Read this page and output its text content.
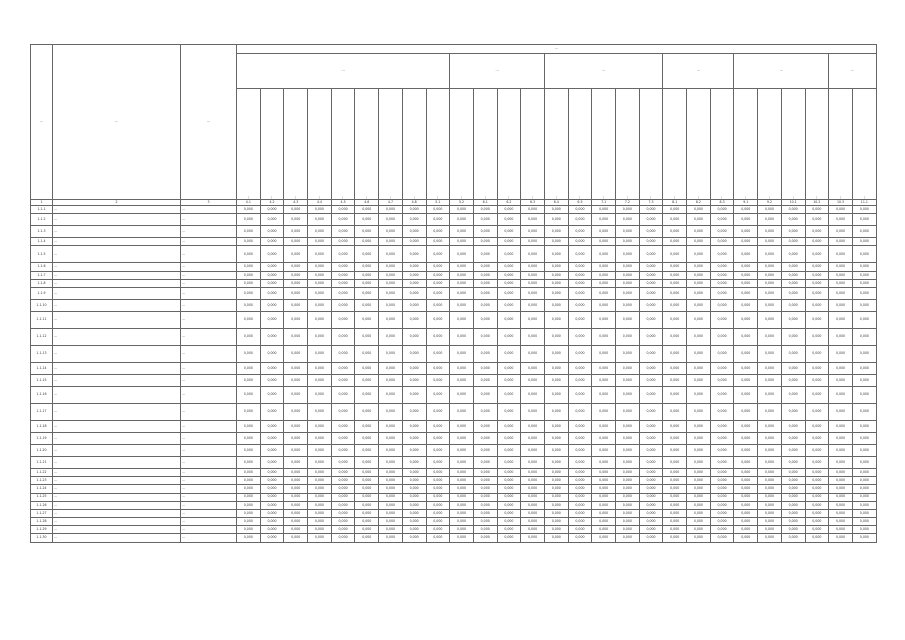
…	…	…	…																										
			…									…				…					…			…				…	

			…	…	…	…	…	…	…	…	…	…	…	…	…	…	…	…	…	…	…	…	…	…	…	…	…	…	…

1	2	3	4.1	4.2	4.3	4.4	4.5	4.6	4.7	4.8	5.1	5.2	6.1	6.2	6.3	6.4	6.5	7.1	7.2	7.3	8.1	8.2	8.3	9.1	9.2	10.1	10.2	10.3	11.1
1.1.1	…	…	0,000	0,000	0,000	0,000	0,000	0,000	0,000	0,000	0,000	0,000	0,000	0,000	0,000	0,000	0,000	0,000	0,000	0,000	0,000	0,000	0,000	0,000	0,000	0,000	0,000	0,000	0,000
1.1.2	…	…	0,000	0,000	0,000	0,000	0,000	0,000	0,000	0,000	0,000	0,000	0,000	0,000	0,000	0,000	0,000	0,000	0,000	0,000	0,000	0,000	0,000	0,000	0,000	0,000	0,000	0,000	0,000
1.1.3	…	…	0,000	0,000	0,000	0,000	0,000	0,000	0,000	0,000	0,000	0,000	0,000	0,000	0,000	0,000	0,000	0,000	0,000	0,000	0,000	0,000	0,000	0,000	0,000	0,000	0,000	0,000	0,000
1.1.4	…	…	0,000	0,000	0,000	0,000	0,000	0,000	0,000	0,000	0,000	0,000	0,000	0,000	0,000	0,000	0,000	0,000	0,000	0,000	0,000	0,000	0,000	0,000	0,000	0,000	0,000	0,000	0,000
1.1.5	…	…	0,000	0,000	0,000	0,000	0,000	0,000	0,000	0,000	0,000	0,000	0,000	0,000	0,000	0,000	0,000	0,000	0,000	0,000	0,000	0,000	0,000	0,000	0,000	0,000	0,000	0,000	0,000
1.1.6	…	…	0,000	0,000	0,000	0,000	0,000	0,000	0,000	0,000	0,000	0,000	0,000	0,000	0,000	0,000	0,000	0,000	0,000	0,000	0,000	0,000	0,000	0,000	0,000	0,000	0,000	0,000	0,000
1.1.7	…	…	0,000	0,000	0,000	0,000	0,000	0,000	0,000	0,000	0,000	0,000	0,000	0,000	0,000	0,000	0,000	0,000	0,000	0,000	0,000	0,000	0,000	0,000	0,000	0,000	0,000	0,000	0,000
1.1.8	…	…	0,000	0,000	0,000	0,000	0,000	0,000	0,000	0,000	0,000	0,000	0,000	0,000	0,000	0,000	0,000	0,000	0,000	0,000	0,000	0,000	0,000	0,000	0,000	0,000	0,000	0,000	0,000
1.1.9	…	…	0,000	0,000	0,000	0,000	0,000	0,000	0,000	0,000	0,000	0,000	0,000	0,000	0,000	0,000	0,000	0,000	0,000	0,000	0,000	0,000	0,000	0,000	0,000	0,000	0,000	0,000	0,000
1.1.10	…	…	0,000	0,000	0,000	0,000	0,000	0,000	0,000	0,000	0,000	0,000	0,000	0,000	0,000	0,000	0,000	0,000	0,000	0,000	0,000	0,000	0,000	0,000	0,000	0,000	0,000	0,000	0,000
1.1.11	…	…	0,000	0,000	0,000	0,000	0,000	0,000	0,000	0,000	0,000	0,000	0,000	0,000	0,000	0,000	0,000	0,000	0,000	0,000	0,000	0,000	0,000	0,000	0,000	0,000	0,000	0,000	0,000
1.1.12	…	…	0,000	0,000	0,000	0,000	0,000	0,000	0,000	0,000	0,000	0,000	0,000	0,000	0,000	0,000	0,000	0,000	0,000	0,000	0,000	0,000	0,000	0,000	0,000	0,000	0,000	0,000	0,000
1.1.13	…	…	0,000	0,000	0,000	0,000	0,000	0,000	0,000	0,000	0,000	0,000	0,000	0,000	0,000	0,000	0,000	0,000	0,000	0,000	0,000	0,000	0,000	0,000	0,000	0,000	0,000	0,000	0,000
1.1.14	…	…	0,000	0,000	0,000	0,000	0,000	0,000	0,000	0,000	0,000	0,000	0,000	0,000	0,000	0,000	0,000	0,000	0,000	0,000	0,000	0,000	0,000	0,000	0,000	0,000	0,000	0,000	0,000
1.1.15	…	…	0,000	0,000	0,000	0,000	0,000	0,000	0,000	0,000	0,000	0,000	0,000	0,000	0,000	0,000	0,000	0,000	0,000	0,000	0,000	0,000	0,000	0,000	0,000	0,000	0,000	0,000	0,000
1.1.16	…	…	0,000	0,000	0,000	0,000	0,000	0,000	0,000	0,000	0,000	0,000	0,000	0,000	0,000	0,000	0,000	0,000	0,000	0,000	0,000	0,000	0,000	0,000	0,000	0,000	0,000	0,000	0,000
1.1.17	…	…	0,000	0,000	0,000	0,000	0,000	0,000	0,000	0,000	0,000	0,000	0,000	0,000	0,000	0,000	0,000	0,000	0,000	0,000	0,000	0,000	0,000	0,000	0,000	0,000	0,000	0,000	0,000
1.1.18	…	…	0,000	0,000	0,000	0,000	0,000	0,000	0,000	0,000	0,000	0,000	0,000	0,000	0,000	0,000	0,000	0,000	0,000	0,000	0,000	0,000	0,000	0,000	0,000	0,000	0,000	0,000	0,000
1.1.19	…	…	0,000	0,000	0,000	0,000	0,000	0,000	0,000	0,000	0,000	0,000	0,000	0,000	0,000	0,000	0,000	0,000	0,000	0,000	0,000	0,000	0,000	0,000	0,000	0,000	0,000	0,000	0,000
1.1.20	…	…	0,000	0,000	0,000	0,000	0,000	0,000	0,000	0,000	0,000	0,000	0,000	0,000	0,000	0,000	0,000	0,000	0,000	0,000	0,000	0,000	0,000	0,000	0,000	0,000	0,000	0,000	0,000
1.1.21	…	…	0,000	0,000	0,000	0,000	0,000	0,000	0,000	0,000	0,000	0,000	0,000	0,000	0,000	0,000	0,000	0,000	0,000	0,000	0,000	0,000	0,000	0,000	0,000	0,000	0,000	0,000	0,000
1.1.22	…	…	0,000	0,000	0,000	0,000	0,000	0,000	0,000	0,000	0,000	0,000	0,000	0,000	0,000	0,000	0,000	0,000	0,000	0,000	0,000	0,000	0,000	0,000	0,000	0,000	0,000	0,000	0,000
1.1.23	…	…	0,000	0,000	0,000	0,000	0,000	0,000	0,000	0,000	0,000	0,000	0,000	0,000	0,000	0,000	0,000	0,000	0,000	0,000	0,000	0,000	0,000	0,000	0,000	0,000	0,000	0,000	0,000
1.1.24	…	…	0,000	0,000	0,000	0,000	0,000	0,000	0,000	0,000	0,000	0,000	0,000	0,000	0,000	0,000	0,000	0,000	0,000	0,000	0,000	0,000	0,000	0,000	0,000	0,000	0,000	0,000	0,000
1.1.25	…	…	0,000	0,000	0,000	0,000	0,000	0,000	0,000	0,000	0,000	0,000	0,000	0,000	0,000	0,000	0,000	0,000	0,000	0,000	0,000	0,000	0,000	0,000	0,000	0,000	0,000	0,000	0,000
1.1.26	…	…	0,000	0,000	0,000	0,000	0,000	0,000	0,000	0,000	0,000	0,000	0,000	0,000	0,000	0,000	0,000	0,000	0,000	0,000	0,000	0,000	0,000	0,000	0,000	0,000	0,000	0,000	0,000
1.1.27	…	…	0,000	0,000	0,000	0,000	0,000	0,000	0,000	0,000	0,000	0,000	0,000	0,000	0,000	0,000	0,000	0,000	0,000	0,000	0,000	0,000	0,000	0,000	0,000	0,000	0,000	0,000	0,000
1.1.28	…	…	0,000	0,000	0,000	0,000	0,000	0,000	0,000	0,000	0,000	0,000	0,000	0,000	0,000	0,000	0,000	0,000	0,000	0,000	0,000	0,000	0,000	0,000	0,000	0,000	0,000	0,000	0,000
1.1.29	…	…	0,000	0,000	0,000	0,000	0,000	0,000	0,000	0,000	0,000	0,000	0,000	0,000	0,000	0,000	0,000	0,000	0,000	0,000	0,000	0,000	0,000	0,000	0,000	0,000	0,000	0,000	0,000
1.1.30	…	…	0,000	0,000	0,000	0,000	0,000	0,000	0,000	0,000	0,000	0,000	0,000	0,000	0,000	0,000	0,000	0,000	0,000	0,000	0,000	0,000	0,000	0,000	0,000	0,000	0,000	0,000	0,000
